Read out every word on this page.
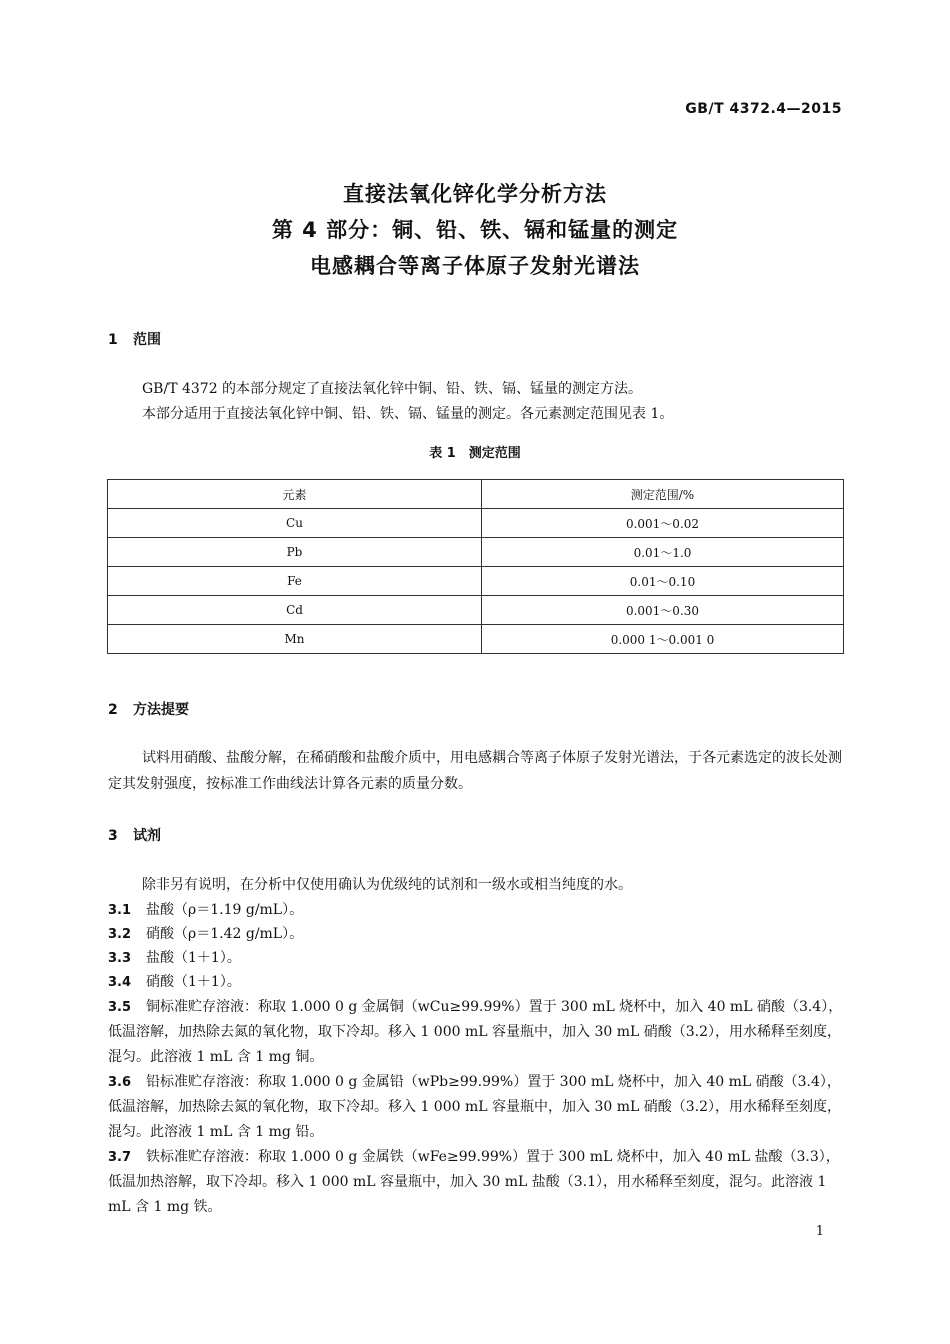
GB/T 4372.4—2015
直接法氧化锌化学分析方法
第 4 部分：铜、铅、铁、镉和锰量的测定
电感耦合等离子体原子发射光谱法
1 范围
GB/T 4372 的本部分规定了直接法氧化锌中铜、铅、铁、镉、锰量的测定方法。
本部分适用于直接法氧化锌中铜、铅、铁、镉、锰量的测定。各元素测定范围见表 1。
表 1　测定范围
元素	测定范围/%
Cu	0.001～0.02
Pb	0.01～1.0
Fe	0.01～0.10
Cd	0.001～0.30
Mn	0.000 1～0.001 0
2 方法提要
试料用硝酸、盐酸分解，在稀硝酸和盐酸介质中，用电感耦合等离子体原子发射光谱法，于各元素选定的波长处测定其发射强度，按标准工作曲线法计算各元素的质量分数。
3 试剂
除非另有说明，在分析中仅使用确认为优级纯的试剂和一级水或相当纯度的水。
3.1 盐酸（ρ＝1.19 g/mL）。
3.2 硝酸（ρ＝1.42 g/mL）。
3.3 盐酸（1＋1）。
3.4 硝酸（1＋1）。
3.5 铜标准贮存溶液：称取 1.000 0 g 金属铜（wCu≥99.99%）置于 300 mL 烧杯中，加入 40 mL 硝酸（3.4），低温溶解，加热除去氮的氧化物，取下冷却。移入 1 000 mL 容量瓶中，加入 30 mL 硝酸（3.2），用水稀释至刻度，混匀。此溶液 1 mL 含 1 mg 铜。
3.6 铅标准贮存溶液：称取 1.000 0 g 金属铅（wPb≥99.99%）置于 300 mL 烧杯中，加入 40 mL 硝酸（3.4），低温溶解，加热除去氮的氧化物，取下冷却。移入 1 000 mL 容量瓶中，加入 30 mL 硝酸（3.2），用水稀释至刻度，混匀。此溶液 1 mL 含 1 mg 铅。
3.7 铁标准贮存溶液：称取 1.000 0 g 金属铁（wFe≥99.99%）置于 300 mL 烧杯中，加入 40 mL 盐酸（3.3），低温加热溶解，取下冷却。移入 1 000 mL 容量瓶中，加入 30 mL 盐酸（3.1），用水稀释至刻度，混匀。此溶液 1 mL 含 1 mg 铁。
1
